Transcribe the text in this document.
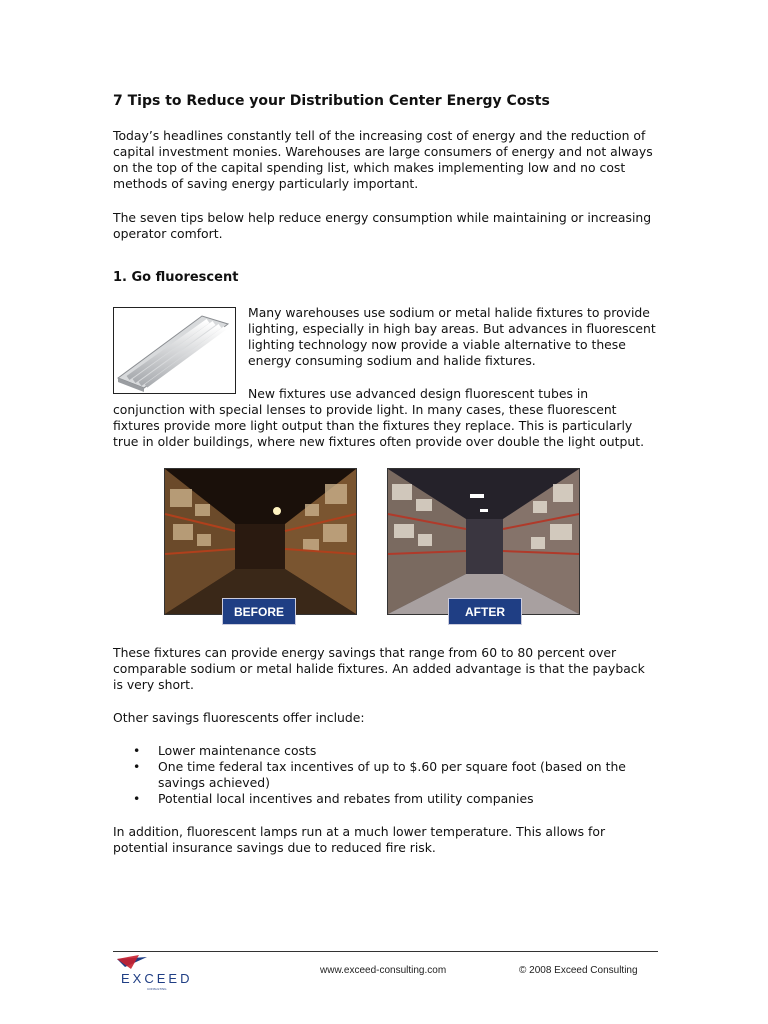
7 Tips to Reduce your Distribution Center Energy Costs

Today’s headlines constantly tell of the increasing cost of energy and the reduction of capital investment monies. Warehouses are large consumers of energy and not always on the top of the capital spending list, which makes implementing low and no cost methods of saving energy particularly important.

The seven tips below help reduce energy consumption while maintaining or increasing operator comfort.

1. Go fluorescent

Many warehouses use sodium or metal halide fixtures to provide lighting, especially in high bay areas. But advances in fluorescent lighting technology now provide a viable alternative to these energy consuming sodium and halide fixtures.

New fixtures use advanced design fluorescent tubes in conjunction with special lenses to provide light. In many cases, these fluorescent fixtures provide more light output than the fixtures they replace. This is particularly true in older buildings, where new fixtures often provide over double the light output.

BEFORE	AFTER

These fixtures can provide energy savings that range from 60 to 80 percent over comparable sodium or metal halide fixtures. An added advantage is that the payback is very short.

Other savings fluorescents offer include:

• Lower maintenance costs
• One time federal tax incentives of up to $.60 per square foot (based on the savings achieved)
• Potential local incentives and rebates from utility companies

In addition, fluorescent lamps run at a much lower temperature. This allows for potential insurance savings due to reduced fire risk.

EXCEED
CONSULTING
www.exceed-consulting.com	© 2008 Exceed Consulting
